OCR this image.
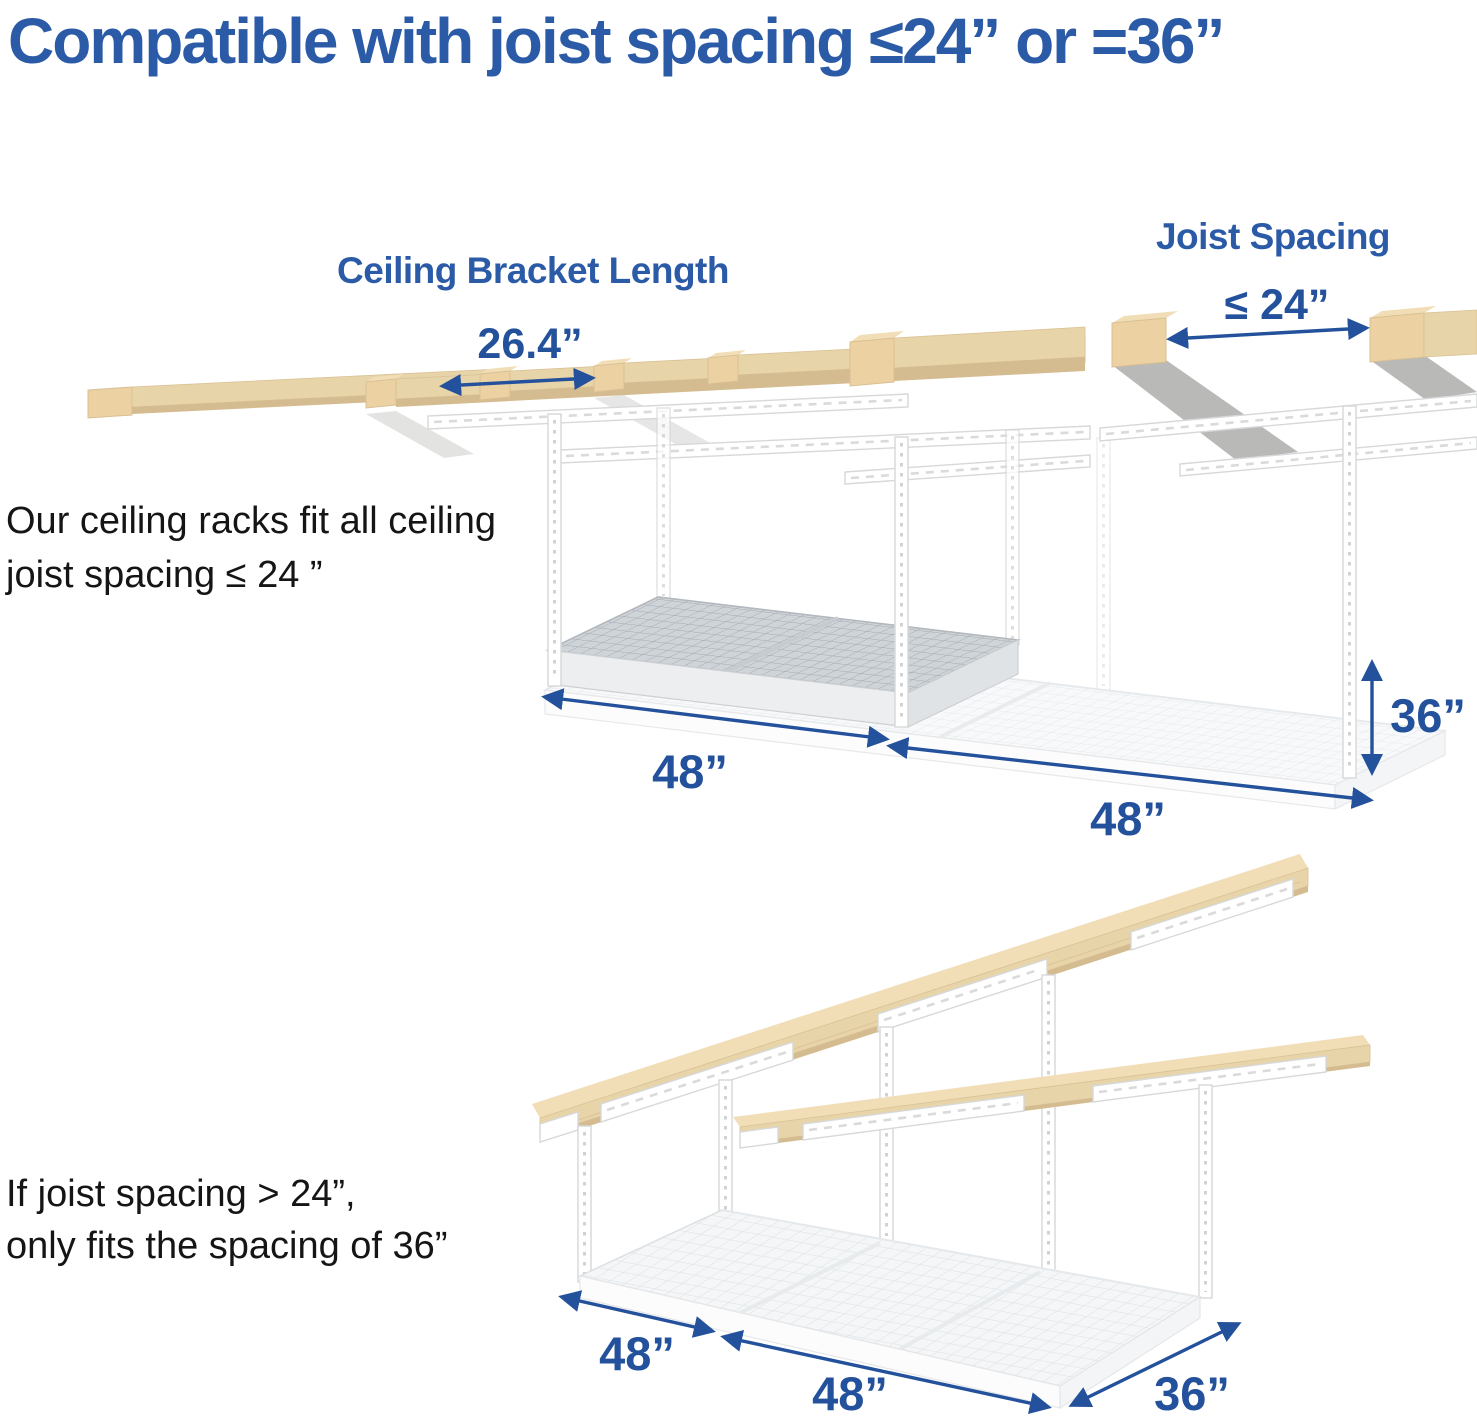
Compatible with joist spacing ≤24” or =36”
Ceiling Bracket Length
26.4”
Joist Spacing
≤ 24”
Our ceiling racks fit all ceiling
joist spacing ≤ 24 ”
48”
48”
36”
If joist spacing > 24”,
only fits the spacing of 36”
48”
48”	36”
